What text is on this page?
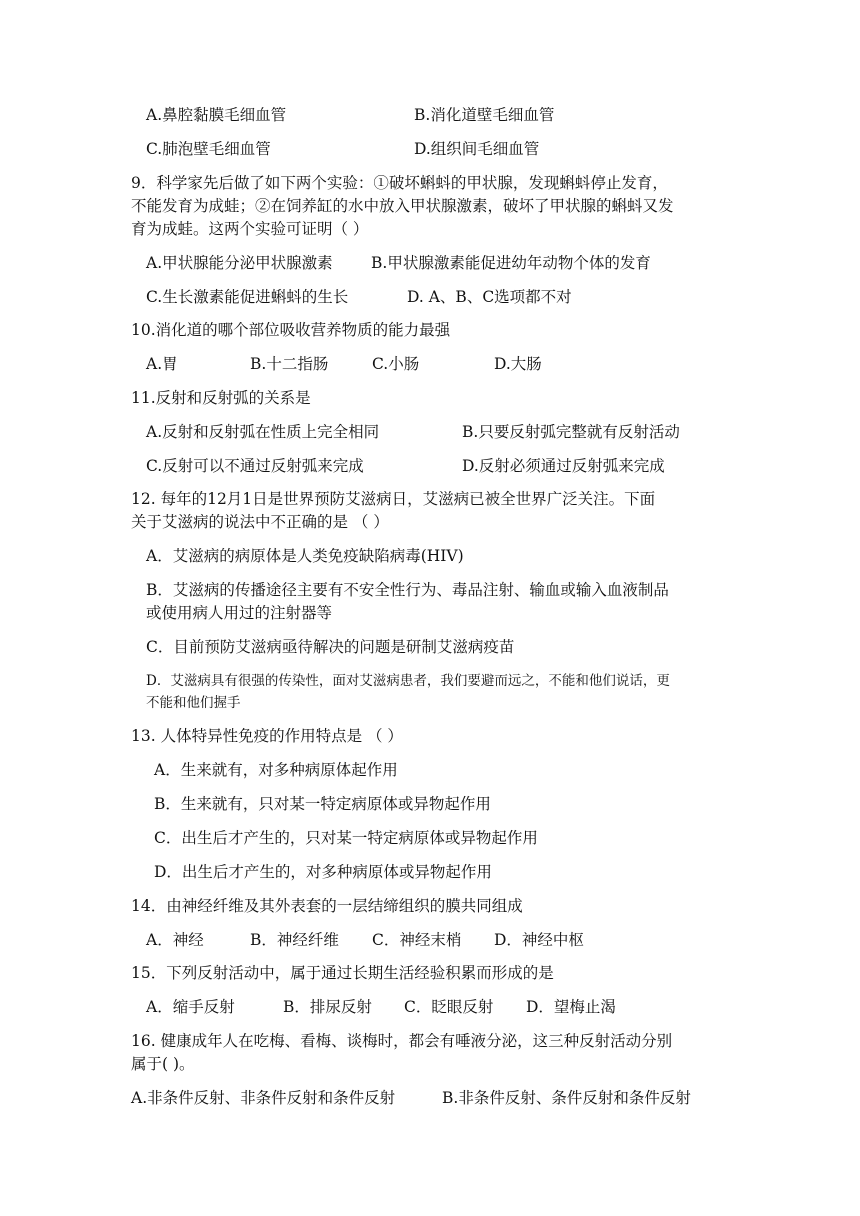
A.鼻腔黏膜毛细血管	B.消化道壁毛细血管
C.肺泡壁毛细血管	D.组织间毛细血管
9．科学家先后做了如下两个实验：①破坏蝌蚪的甲状腺，发现蝌蚪停止发育，
不能发育为成蛙；②在饲养缸的水中放入甲状腺激素，破坏了甲状腺的蝌蚪又发
育为成蛙。这两个实验可证明（ ）
A.甲状腺能分泌甲状腺激素 B.甲状腺激素能促进幼年动物个体的发育
C.生长激素能促进蝌蚪的生长	D. A、B、C选项都不对
10.消化道的哪个部位吸收营养物质的能力最强
A.胃	B.十二指肠	C.小肠	D.大肠
11.反射和反射弧的关系是
A.反射和反射弧在性质上完全相同	B.只要反射弧完整就有反射活动
C.反射可以不通过反射弧来完成	D.反射必须通过反射弧来完成
12. 每年的12月1日是世界预防艾滋病日，艾滋病已被全世界广泛关注。下面
关于艾滋病的说法中不正确的是 （ ）
A．艾滋病的病原体是人类免疫缺陷病毒(HIV)
B．艾滋病的传播途径主要有不安全性行为、毒品注射、输血或输入血液制品
或使用病人用过的注射器等
C．目前预防艾滋病亟待解决的问题是研制艾滋病疫苗
D．艾滋病具有很强的传染性，面对艾滋病患者，我们要避而远之，不能和他们说话，更
不能和他们握手
13. 人体特异性免疫的作用特点是 （ ）
A．生来就有，对多种病原体起作用
B．生来就有，只对某一特定病原体或异物起作用
C．出生后才产生的，只对某一特定病原体或异物起作用
D．出生后才产生的，对多种病原体或异物起作用
14．由神经纤维及其外表套的一层结缔组织的膜共同组成
A．神经	B．神经纤维 C．神经末梢 D．神经中枢
15．下列反射活动中，属于通过长期生活经验积累而形成的是
A．缩手反射	B．排尿反射 C．眨眼反射 D．望梅止渴
16. 健康成年人在吃梅、看梅、谈梅时，都会有唾液分泌，这三种反射活动分别
属于( )。
A.非条件反射、非条件反射和条件反射	B.非条件反射、条件反射和条件反射
